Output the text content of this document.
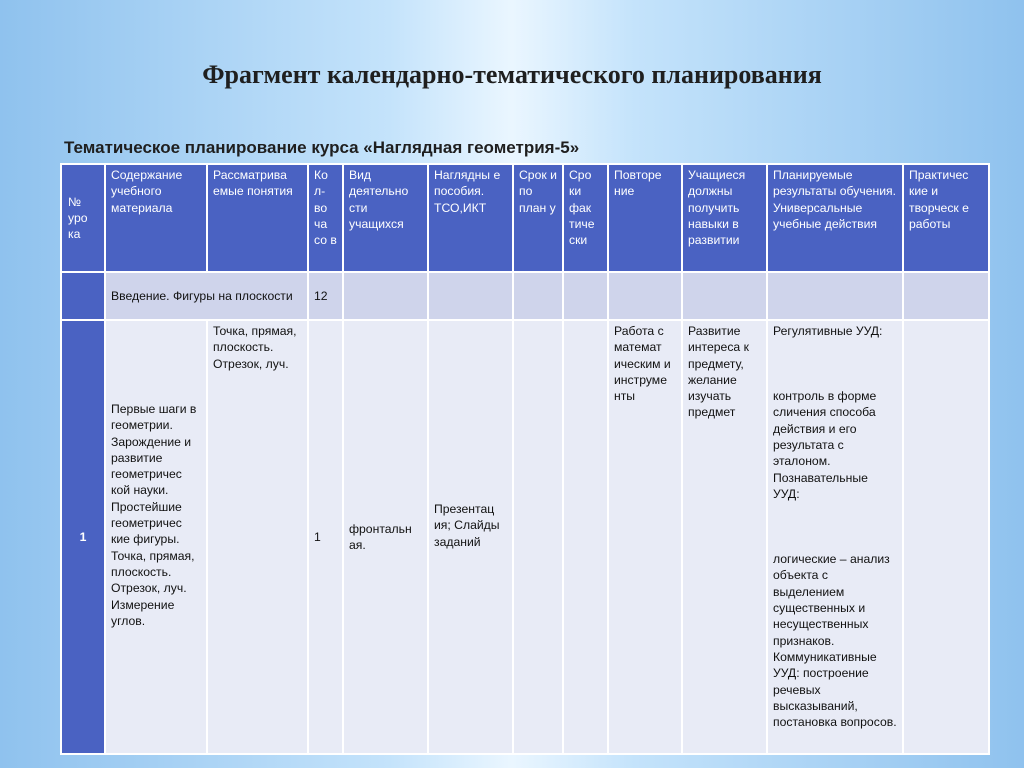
Фрагмент календарно-тематического планирования
Тематическое планирование курса «Наглядная геометрия-5»
№ уро ка	Содержание учебного материала	Рассматрива емые понятия	Ко л- во ча со в	Вид деятельно сти учащихся	Наглядны е пособия. ТСО,ИКТ	Срок и по план у	Сро ки фак тиче ски	Повторе ние	Учащиеся должны получить навыки в развитии	Планируемые результаты обучения. Универсальные учебные действия	Практичес кие и творческ е работы
	Введение. Фигуры на плоскости		12								
1	Первые шаги в геометрии. Зарождение и развитие геометричес кой науки. Простейшие геометричес кие фигуры. Точка, прямая, плоскость. Отрезок, луч. Измерение углов.	Точка, прямая, плоскость. Отрезок, луч.	1	фронтальн ая.	Презентац ия; Слайды заданий			Работа с математ ическим и инструме нты	Развитие интереса к предмету, желание изучать предмет	Регулятивные УУД:

контроль в форме сличения способа действия и его результата с эталоном. Познавательные УУД:

логические – анализ объекта с выделением существенных и несущественных признаков. Коммуникативные УУД: построение речевых высказываний, постановка вопросов.	
